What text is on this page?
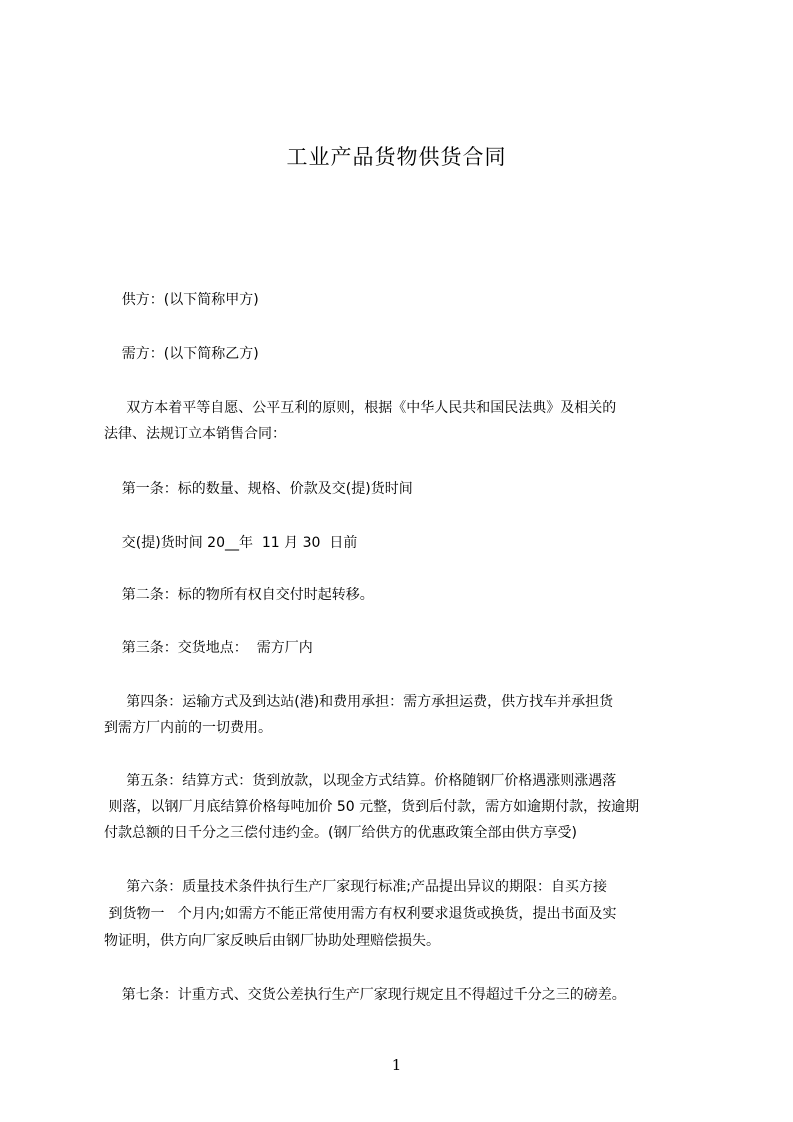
工业产品货物供货合同
供方：(以下简称甲方)
需方：(以下简称乙方)
双方本着平等自愿、公平互利的原则，根据《中华人民共和国民法典》及相关的
法律、法规订立本销售合同：
第一条：标的数量、规格、价款及交(提)货时间
交(提)货时间 20__年  11 月 30  日前
第二条：标的物所有权自交付时起转移。
第三条：交货地点：  需方厂内
第四条：运输方式及到达站(港)和费用承担：需方承担运费，供方找车并承担货
到需方厂内前的一切费用。
第五条：结算方式：货到放款，以现金方式结算。价格随钢厂价格遇涨则涨遇落
则落，以钢厂月底结算价格每吨加价 50 元整，货到后付款，需方如逾期付款，按逾期
付款总额的日千分之三偿付违约金。(钢厂给供方的优惠政策全部由供方享受)
第六条：质量技术条件执行生产厂家现行标准;产品提出异议的期限：自买方接
到货物一   个月内;如需方不能正常使用需方有权利要求退货或换货，提出书面及实
物证明，供方向厂家反映后由钢厂协助处理赔偿损失。
第七条：计重方式、交货公差执行生产厂家现行规定且不得超过千分之三的磅差。
1
